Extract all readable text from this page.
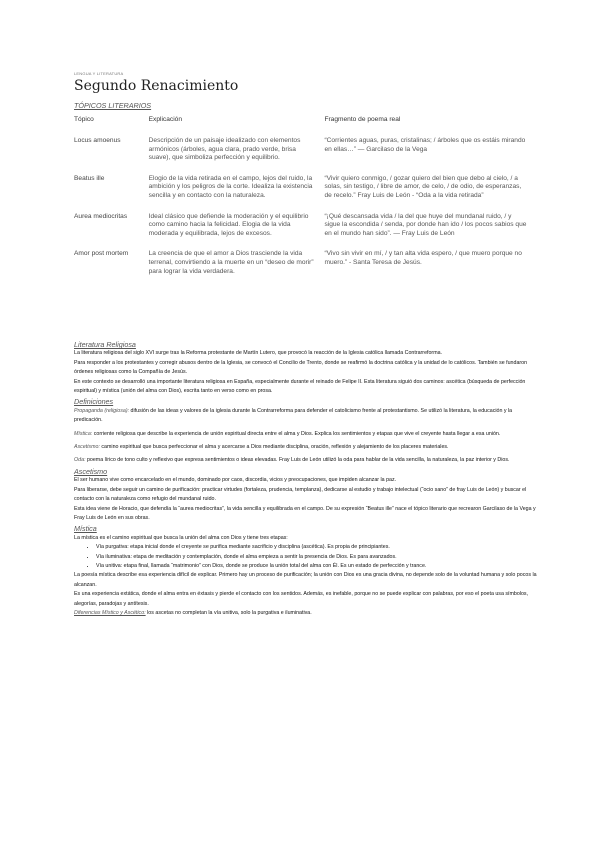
LENGUA Y LITERATURA
Segundo Renacimiento
TÓPICOS LITERARIOS
Tópico	Explicación	Fragmento de poema real
Locus amoenus	Descripción de un paisaje idealizado con elementos armónicos (árboles, agua clara, prado verde, brisa suave), que simboliza perfección y equilibrio.	“Corrientes aguas, puras, cristalinas; / árboles que os estáis mirando en ellas…” — Garcilaso de la Vega
Beatus ille	Elogio de la vida retirada en el campo, lejos del ruido, la ambición y los peligros de la corte. Idealiza la existencia sencilla y en contacto con la naturaleza.	“Vivir quiero conmigo, / gozar quiero del bien que debo al cielo, / a solas, sin testigo, / libre de amor, de celo, / de odio, de esperanzas, de recelo.” Fray Luis de León - “Oda a la vida retirada”
Aurea mediocritas	Ideal clásico que defiende la moderación y el equilibrio como camino hacia la felicidad. Elogia de la vida moderada y equilibrada, lejos de excesos.	“¡Qué descansada vida / la del que huye del mundanal ruido, / y sigue la escondida / senda, por donde han ido / los pocos sabios que en el mundo han sido”. — Fray Luis de León
Amor post mortem	La creencia de que el amor a Dios trasciende la vida terrenal, convirtiendo a la muerte en un “deseo de morir” para lograr la vida verdadera.	“Vivo sin vivir en mí, / y tan alta vida espero, / que muero porque no muero.” - Santa Teresa de Jesús.

Literatura Religiosa

La literatura religiosa del siglo XVI surge tras la Reforma protestante de Martín Lutero, que provocó la reacción de la Iglesia católica llamada Contrarreforma.

Para responder a los protestantes y corregir abusos dentro de la Iglesia, se convocó el Concilio de Trento, donde se reafirmó la doctrina católica y la unidad de lo católicos. También se fundaron órdenes religiosas como la Compañía de Jesús.

En este contexto se desarrolló una importante literatura religiosa en España, especialmente durante el reinado de Felipe II. Esta literatura siguió dos caminos: ascética (búsqueda de perfección espiritual) y mística (unión del alma con Dios), escrita tanto en verso como en prosa.

Definiciones

Propaganda (religiosa): difusión de las ideas y valores de la iglesia durante la Contrarreforma para defender el catolicismo frente al protestantismo. Se utilizó la literatura, la educación y la predicación.

Mística: corriente religiosa que describe la experiencia de unión espiritual directa entre el alma y Dios. Explica los sentimientos y etapas que vive el creyente hasta llegar a esa unión.

Ascetismo: camino espiritual que busca perfeccionar el alma y acercarse a Dios mediante disciplina, oración, reflexión y alejamiento de los placeres materiales.

Oda: poema lírico de tono culto y reflexivo que expresa sentimientos o ideas elevadas. Fray Luis de León utilizó la oda para hablar de la vida sencilla, la naturaleza, la paz interior y Dios.

Ascetismo

El ser humano vive como encarcelado en el mundo, dominado por caos, discordia, vicios y preocupaciones, que impiden alcanzar la paz.

Para liberarse, debe seguir un camino de purificación: practicar virtudes (fortaleza, prudencia, templanza), dedicarse al estudio y trabajo intelectual (“ocio sano” de fray Luis de León) y buscar el contacto con la naturaleza como refugio del mundanal ruido.

Esta idea viene de Horacio, que defendía la “aurea mediocritas”, la vida sencilla y equilibrada en el campo. De su expresión “Beatus ille” nace el tópico literario que recrearon Garcilaso de la Vega y Fray Luis de León en sus obras.

Mística

La mística es el camino espiritual que busca la unión del alma con Dios y tiene tres etapas:

• Vía purgativa: etapa inicial donde el creyente se purifica mediante sacrificio y disciplina (ascética). Es propia de principiantes.
• Vía iluminativa: etapa de meditación y contemplación, donde el alma empieza a sentir la presencia de Dios. Es para avanzados.
• Vía unitiva: etapa final, llamada “matrimonio” con Dios, donde se produce la unión total del alma con Él. Es un estado de perfección y trance.

La poesía mística describe esa experiencia difícil de explicar. Primero hay un proceso de purificación; la unión con Dios es una gracia divina, no depende solo de la voluntad humana y solo pocos la alcanzan.

Es una experiencia extática, donde el alma entra en éxtasis y pierde el contacto con los sentidos. Además, es inefable, porque no se puede explicar con palabras, por eso el poeta usa símbolos, alegorías, paradojas y antítesis.

Diferencias Místico y Ascético: los ascetas no completan la vía unitiva, solo la purgativa e iluminativa.
